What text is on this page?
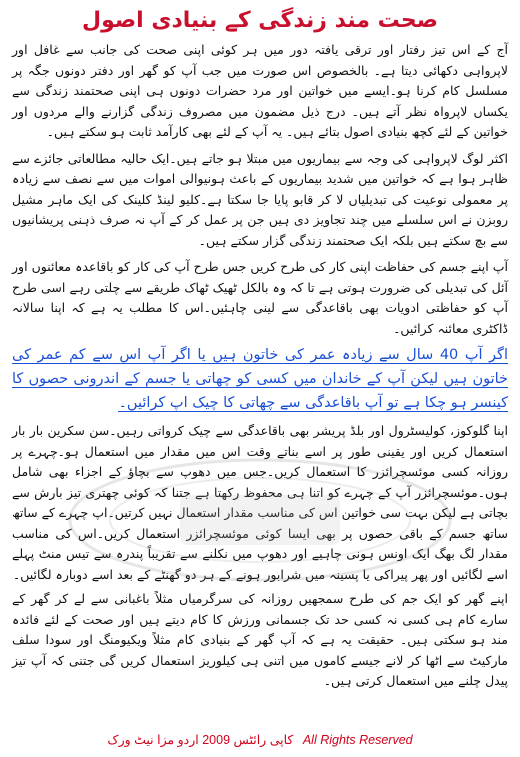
صحت مند زندگی کے بنیادی اصول

آج کے اس تیز رفتار اور ترقی یافتہ دور میں ہر کوئی اپنی صحت کی جانب سے غافل اور لاپرواہی دکھائی دیتا ہے۔ بالخصوص اس صورت میں جب آپ کو گھر اور دفتر دونوں جگہ پر مسلسل کام کرنا ہو۔ایسے میں خواتین اور مرد حضرات دونوں ہی اپنی صحتمند زندگی سے یکساں لاپرواہ نظر آتے ہیں۔ درج ذیل مضمون میں مصروف زندگی گزارنے والے مردوں اور خواتین کے لئے کچھ بنیادی اصول بتائے ہیں۔ یہ آپ کے لئے بھی کارآمد ثابت ہو سکتے ہیں۔

اکثر لوگ لاپرواہی کی وجہ سے بیماریوں میں مبتلا ہو جاتے ہیں۔ایک حالیہ مطالعاتی جائزے سے ظاہر ہوا ہے کہ خواتین میں شدید بیماریوں کے باعث ہونیوالی اموات میں سے نصف سے زیادہ پر معمولی نوعیت کی تبدیلیاں لا کر قابو پایا جا سکتا ہے۔کلیو لینڈ کلینک کی ایک ماہر مشیل روبزن نے اس سلسلے میں چند تجاویز دی ہیں جن پر عمل کر کے آپ نہ صرف ذہنی پریشانیوں سے بچ سکتے ہیں بلکہ ایک صحتمند زندگی گزار سکتے ہیں۔

آپ اپنے جسم کی حفاظت اپنی کار کی طرح کریں جس طرح آپ کی کار کو باقاعدہ معائنوں اور آئل کی تبدیلی کی ضرورت ہوتی ہے تا کہ وہ بالکل ٹھیک ٹھاک طریقے سے چلتی رہے اسی طرح آپ کو حفاظتی ادویات بھی باقاعدگی سے لینی چاہئیں۔اس کا مطلب یہ ہے کہ اپنا سالانہ ڈاکٹری معائنہ کرائیں۔

اگر آپ 40 سال سے زیادہ عمر کی خاتون ہیں یا اگر آپ اس سے کم عمر کی خاتون ہیں لیکن آپ کے خاندان میں کسی کو چھاتی یا جسم کے اندرونی حصوں کا کینسر ہو چکا ہے تو آپ باقاعدگی سے چھاتی کا چیک اپ کرائیں۔

اپنا گلوکوز، کولیسٹرول اور بلڈ پریشر بھی باقاعدگی سے چیک کرواتی رہیں۔سن سکرین بار بار استعمال کریں اور یقینی طور پر اسے بناتے وقت اس میں مقدار میں استعمال ہو۔چہرے پر روزانہ کسی موئسچرائزر کا استعمال کریں۔جس میں دھوپ سے بچاؤ کے اجزاء بھی شامل ہوں۔موئسچرائزر آپ کے چہرے کو اتنا ہی محفوظ رکھتا ہے جتنا کہ کوئی چھتری تیز بارش سے بچاتی ہے لیکن بہت سی خواتین اس کی مناسب مقدار استعمال نہیں کرتیں۔اپ چہرے کے ساتھ ساتھ جسم کے باقی حصوں پر بھی ایسا کوئی موئسچرائزر استعمال کریں۔اس کی مناسب مقدار لگ بھگ ایک اونس ہونی چاہیے اور دھوپ میں نکلنے سے تقریباً پندرہ سے تیس منٹ پہلے اسے لگائیں اور پھر پیراکی یا پسینہ میں شرابور ہونے کے ہر دو گھنٹے کے بعد اسے دوبارہ لگائیں۔

اپنے گھر کو ایک جم کی طرح سمجھیں روزانہ کی سرگرمیاں مثلاً باغبانی سے لے کر گھر کے سارے کام ہی کسی نہ کسی حد تک جسمانی ورزش کا کام دیتے ہیں اور صحت کے لئے فائدہ مند ہو سکتی ہیں۔ حقیقت یہ ہے کہ آپ گھر کے بنیادی کام مثلاً ویکیومنگ اور سودا سلف مارکیٹ سے اٹھا کر لانے جیسے کاموں میں اتنی ہی کیلوریز استعمال کریں گی جتنی کہ آپ تیز پیدل چلنے میں استعمال کرتی ہیں۔

کاپی رائٹس 2009 اردو مزا نیٹ ورک All Rights Reserved
